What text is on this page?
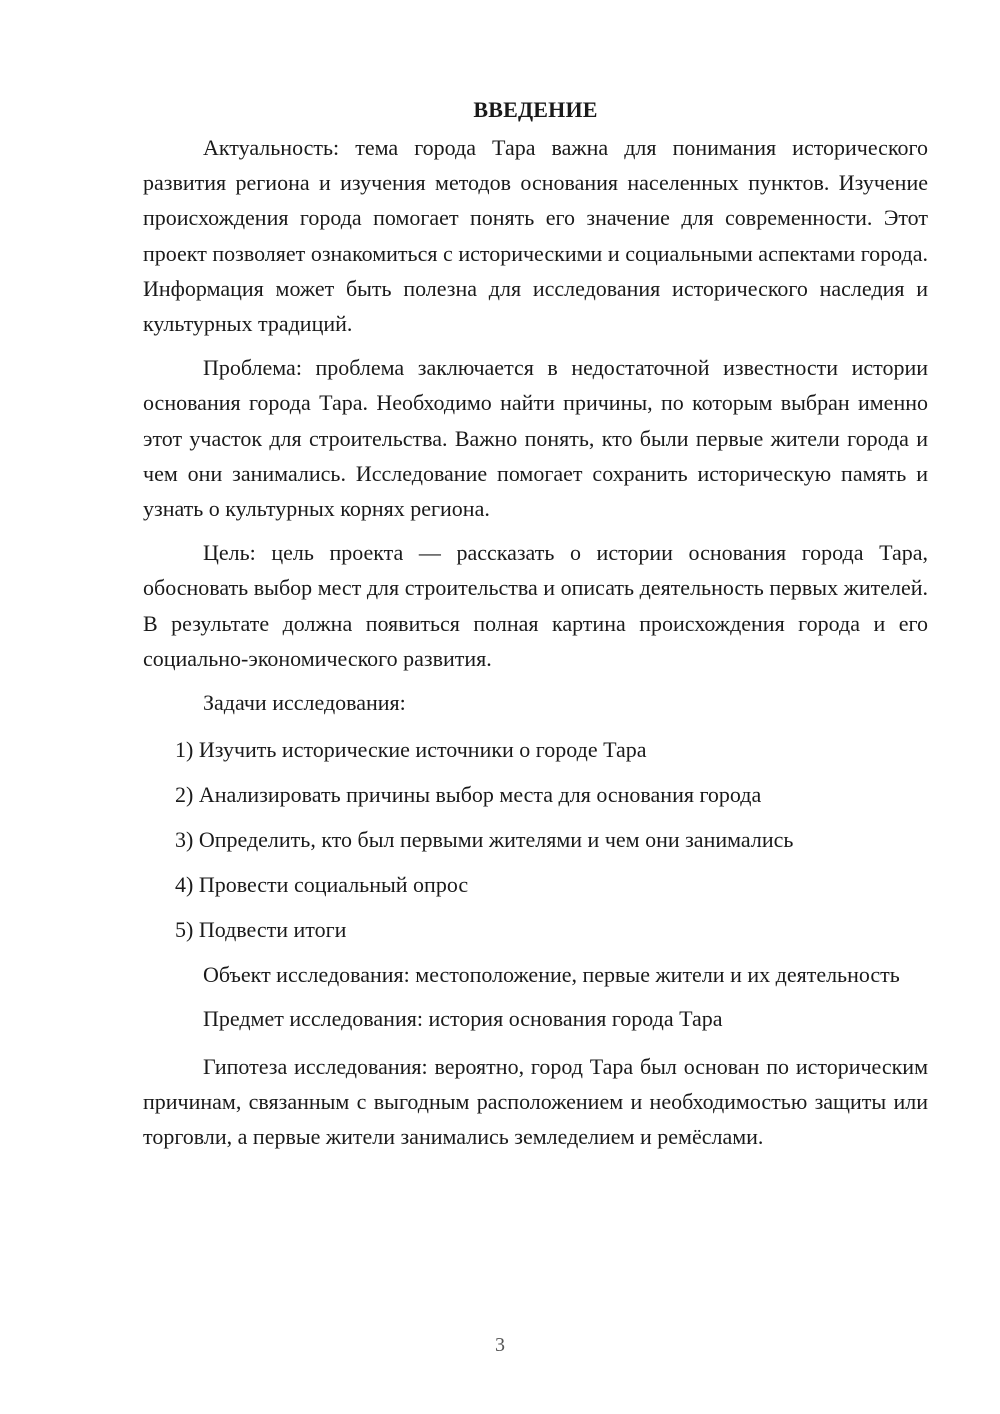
ВВЕДЕНИЕ

Актуальность: тема города Тара важна для понимания исторического развития региона и изучения методов основания населенных пунктов. Изучение происхождения города помогает понять его значение для современности. Этот проект позволяет ознакомиться с историческими и социальными аспектами города. Информация может быть полезна для исследования исторического наследия и культурных традиций.

Проблема: проблема заключается в недостаточной известности истории основания города Тара. Необходимо найти причины, по которым выбран именно этот участок для строительства. Важно понять, кто были первые жители города и чем они занимались. Исследование помогает сохранить историческую память и узнать о культурных корнях региона.

Цель: цель проекта — рассказать о истории основания города Тара, обосновать выбор мест для строительства и описать деятельность первых жителей. В результате должна появиться полная картина происхождения города и его социально-экономического развития.

Задачи исследования:

1) Изучить исторические источники о городе Тара
2) Анализировать причины выбор места для основания города
3) Определить, кто был первыми жителями и чем они занимались
4) Провести социальный опрос
5) Подвести итоги

Объект исследования: местоположение, первые жители и их деятельность

Предмет исследования: история основания города Тара

Гипотеза исследования: вероятно, город Тара был основан по историческим причинам, связанным с выгодным расположением и необходимостью защиты или торговли, а первые жители занимались земледелием и ремёслами.

3
